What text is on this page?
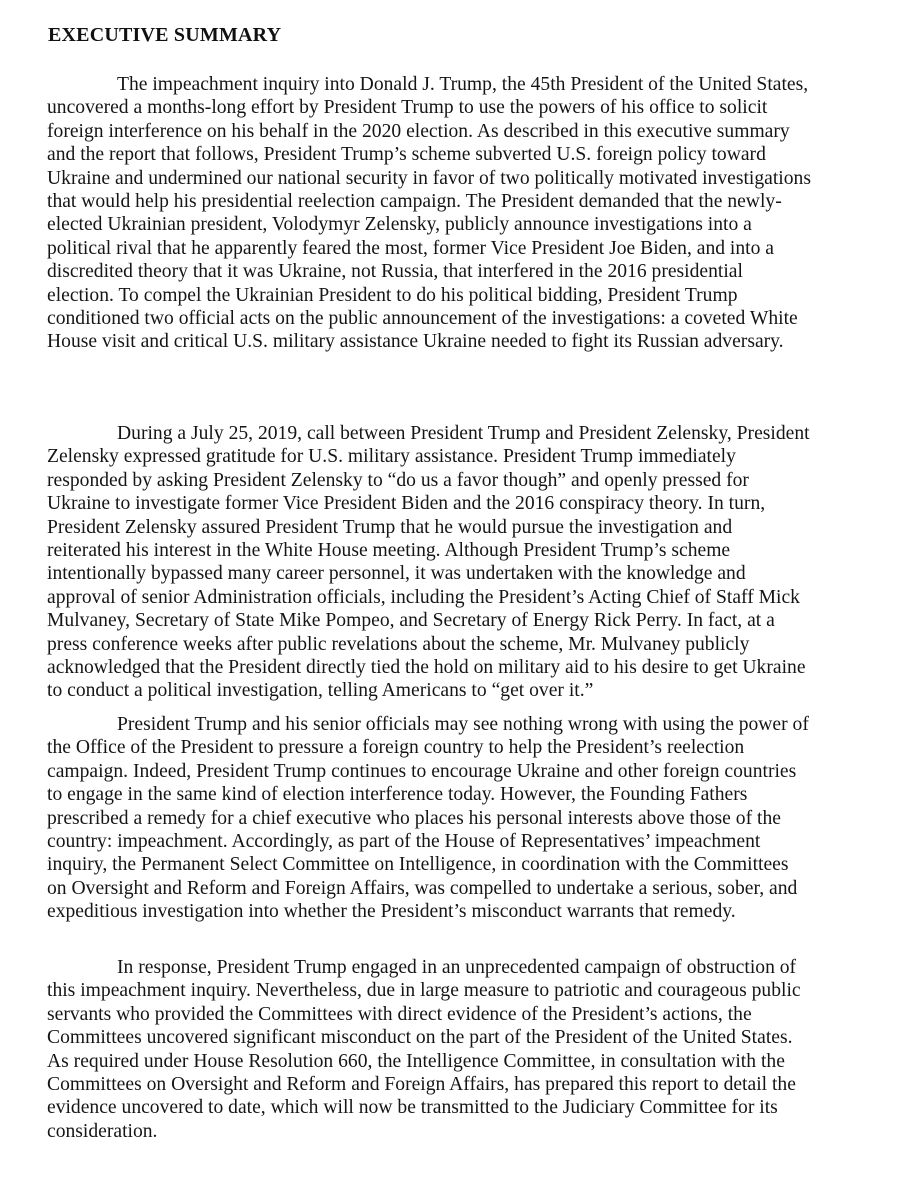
EXECUTIVE SUMMARY
The impeachment inquiry into Donald J. Trump, the 45th President of the United States,
uncovered a months-long effort by President Trump to use the powers of his office to solicit
foreign interference on his behalf in the 2020 election. As described in this executive summary
and the report that follows, President Trump’s scheme subverted U.S. foreign policy toward
Ukraine and undermined our national security in favor of two politically motivated investigations
that would help his presidential reelection campaign. The President demanded that the newly-
elected Ukrainian president, Volodymyr Zelensky, publicly announce investigations into a
political rival that he apparently feared the most, former Vice President Joe Biden, and into a
discredited theory that it was Ukraine, not Russia, that interfered in the 2016 presidential
election. To compel the Ukrainian President to do his political bidding, President Trump
conditioned two official acts on the public announcement of the investigations: a coveted White
House visit and critical U.S. military assistance Ukraine needed to fight its Russian adversary.
During a July 25, 2019, call between President Trump and President Zelensky, President
Zelensky expressed gratitude for U.S. military assistance. President Trump immediately
responded by asking President Zelensky to “do us a favor though” and openly pressed for
Ukraine to investigate former Vice President Biden and the 2016 conspiracy theory. In turn,
President Zelensky assured President Trump that he would pursue the investigation and
reiterated his interest in the White House meeting. Although President Trump’s scheme
intentionally bypassed many career personnel, it was undertaken with the knowledge and
approval of senior Administration officials, including the President’s Acting Chief of Staff Mick
Mulvaney, Secretary of State Mike Pompeo, and Secretary of Energy Rick Perry. In fact, at a
press conference weeks after public revelations about the scheme, Mr. Mulvaney publicly
acknowledged that the President directly tied the hold on military aid to his desire to get Ukraine
to conduct a political investigation, telling Americans to “get over it.”
President Trump and his senior officials may see nothing wrong with using the power of
the Office of the President to pressure a foreign country to help the President’s reelection
campaign. Indeed, President Trump continues to encourage Ukraine and other foreign countries
to engage in the same kind of election interference today. However, the Founding Fathers
prescribed a remedy for a chief executive who places his personal interests above those of the
country: impeachment. Accordingly, as part of the House of Representatives’ impeachment
inquiry, the Permanent Select Committee on Intelligence, in coordination with the Committees
on Oversight and Reform and Foreign Affairs, was compelled to undertake a serious, sober, and
expeditious investigation into whether the President’s misconduct warrants that remedy.
In response, President Trump engaged in an unprecedented campaign of obstruction of
this impeachment inquiry. Nevertheless, due in large measure to patriotic and courageous public
servants who provided the Committees with direct evidence of the President’s actions, the
Committees uncovered significant misconduct on the part of the President of the United States.
As required under House Resolution 660, the Intelligence Committee, in consultation with the
Committees on Oversight and Reform and Foreign Affairs, has prepared this report to detail the
evidence uncovered to date, which will now be transmitted to the Judiciary Committee for its
consideration.
